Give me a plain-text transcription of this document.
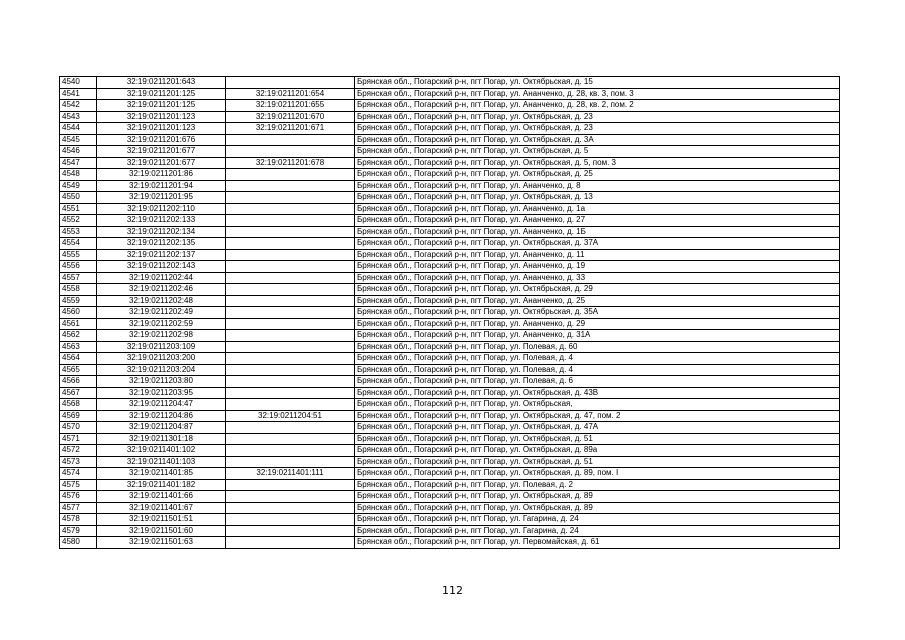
4540	32:19:0211201:643		Брянская обл., Погарский р-н, пгт Погар, ул. Октябрьская, д. 15
4541	32:19:0211201:125	32:19:0211201:654	Брянская обл., Погарский р-н, пгт Погар, ул. Ананченко, д. 28, кв. 3, пом. 3
4542	32:19:0211201:125	32:19:0211201:655	Брянская обл., Погарский р-н, пгт Погар, ул. Ананченко, д. 28, кв. 2, пом. 2
4543	32:19:0211201:123	32:19:0211201:670	Брянская обл., Погарский р-н, пгт Погар, ул. Октябрьская, д. 23
4544	32:19:0211201:123	32:19:0211201:671	Брянская обл., Погарский р-н, пгт Погар, ул. Октябрьская, д. 23
4545	32:19:0211201:676		Брянская обл., Погарский р-н, пгт Погар, ул. Октябрьская, д. 3А
4546	32:19:0211201:677		Брянская обл., Погарский р-н, пгт Погар, ул. Октябрьская, д. 5
4547	32:19:0211201:677	32:19:0211201:678	Брянская обл., Погарский р-н, пгт Погар, ул. Октябрьская, д. 5, пом. 3
4548	32:19:0211201:86		Брянская обл., Погарский р-н, пгт Погар, ул. Октябрьская, д. 25
4549	32:19:0211201:94		Брянская обл., Погарский р-н, пгт Погар, ул. Ананченко, д. 8
4550	32:19:0211201:95		Брянская обл., Погарский р-н, пгт Погар, ул. Октябрьская, д. 13
4551	32:19:0211202:110		Брянская обл., Погарский р-н, пгт Погар, ул. Ананченко, д. 1а
4552	32:19:0211202:133		Брянская обл., Погарский р-н, пгт Погар, ул. Ананченко, д. 27
4553	32:19:0211202:134		Брянская обл., Погарский р-н, пгт Погар, ул. Ананченко, д. 1Б
4554	32:19:0211202:135		Брянская обл., Погарский р-н, пгт Погар, ул. Октябрьская, д. 37А
4555	32:19:0211202:137		Брянская обл., Погарский р-н, пгт Погар, ул. Ананченко, д. 11
4556	32:19:0211202:143		Брянская обл., Погарский р-н, пгт Погар, ул. Ананченко, д. 19
4557	32:19:0211202:44		Брянская обл., Погарский р-н, пгт Погар, ул. Ананченко, д. 33
4558	32:19:0211202:46		Брянская обл., Погарский р-н, пгт Погар, ул. Октябрьская, д. 29
4559	32:19:0211202:48		Брянская обл., Погарский р-н, пгт Погар, ул. Ананченко, д. 25
4560	32:19:0211202:49		Брянская обл., Погарский р-н, пгт Погар, ул. Октябрьская, д. 35А
4561	32:19:0211202:59		Брянская обл., Погарский р-н, пгт Погар, ул. Ананченко, д. 29
4562	32:19:0211202:98		Брянская обл., Погарский р-н, пгт Погар, ул. Ананченко, д. 31А
4563	32:19:0211203:109		Брянская обл., Погарский р-н, пгт Погар, ул. Полевая, д. 60
4564	32:19:0211203:200		Брянская обл., Погарский р-н, пгт Погар, ул. Полевая, д. 4
4565	32:19:0211203:204		Брянская обл., Погарский р-н, пгт Погар, ул. Полевая, д. 4
4566	32:19:0211203:80		Брянская обл., Погарский р-н, пгт Погар, ул. Полевая, д. 6
4567	32:19:0211203:95		Брянская обл., Погарский р-н, пгт Погар, ул. Октябрьская, д. 43В
4568	32:19:0211204:47		Брянская обл., Погарский р-н, пгт Погар, ул. Октябрьская,
4569	32:19:0211204:86	32:19:0211204:51	Брянская обл., Погарский р-н, пгт Погар, ул. Октябрьская, д. 47, пом. 2
4570	32:19:0211204:87		Брянская обл., Погарский р-н, пгт Погар, ул. Октябрьская, д. 47А
4571	32:19:0211301:18		Брянская обл., Погарский р-н, пгт Погар, ул. Октябрьская, д. 51
4572	32:19:0211401:102		Брянская обл., Погарский р-н, пгт Погар, ул. Октябрьская, д. 89а
4573	32:19:0211401:103		Брянская обл., Погарский р-н, пгт Погар, ул. Октябрьская, д. 51
4574	32:19:0211401:85	32:19:0211401:111	Брянская обл., Погарский р-н, пгт Погар, ул. Октябрьская, д. 89, пом. I
4575	32:19:0211401:182		Брянская обл., Погарский р-н, пгт Погар, ул. Полевая, д. 2
4576	32:19:0211401:66		Брянская обл., Погарский р-н, пгт Погар, ул. Октябрьская, д. 89
4577	32:19:0211401:67		Брянская обл., Погарский р-н, пгт Погар, ул. Октябрьская, д. 89
4578	32:19:0211501:51		Брянская обл., Погарский р-н, пгт Погар, ул. Гагарина, д. 24
4579	32:19:0211501:60		Брянская обл., Погарский р-н, пгт Погар, ул. Гагарина, д. 24
4580	32:19:0211501:63		Брянская обл., Погарский р-н, пгт Погар, ул. Первомайская, д. 61
112
